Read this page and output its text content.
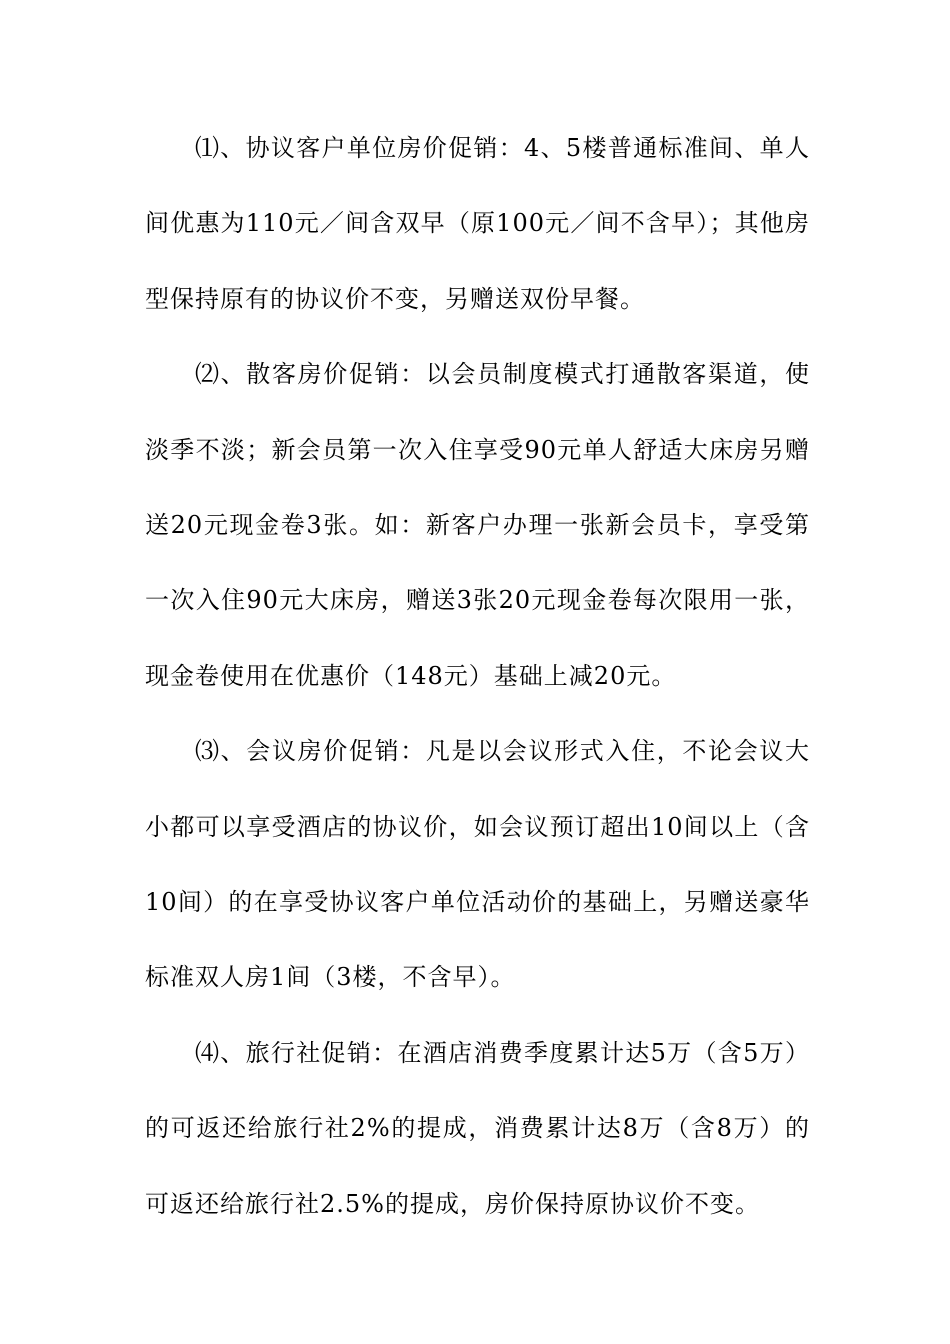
⑴、协议客户单位房价促销：4、5楼普通标准间、单人间优惠为110元／间含双早（原100元／间不含早）；其他房型保持原有的协议价不变，另赠送双份早餐。

⑵、散客房价促销：以会员制度模式打通散客渠道，使淡季不淡；新会员第一次入住享受90元单人舒适大床房另赠送20元现金卷3张。如：新客户办理一张新会员卡，享受第一次入住90元大床房，赠送3张20元现金卷每次限用一张，现金卷使用在优惠价（148元）基础上减20元。

⑶、会议房价促销：凡是以会议形式入住，不论会议大小都可以享受酒店的协议价，如会议预订超出10间以上（含10间）的在享受协议客户单位活动价的基础上，另赠送豪华标准双人房1间（3楼，不含早）。

⑷、旅行社促销：在酒店消费季度累计达5万（含5万）的可返还给旅行社2%的提成，消费累计达8万（含8万）的可返还给旅行社2.5%的提成，房价保持原协议价不变。
